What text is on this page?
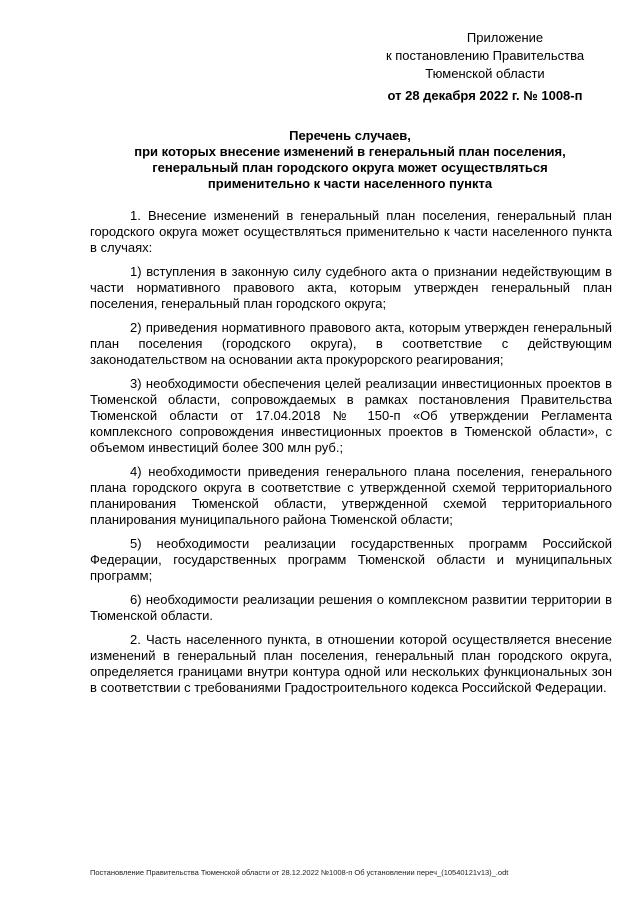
Приложение
к постановлению Правительства
Тюменской области
от 28 декабря 2022 г. № 1008-п
Перечень случаев,
при которых внесение изменений в генеральный план поселения,
генеральный план городского округа может осуществляться
применительно к части населенного пункта

1. Внесение изменений в генеральный план поселения, генеральный план городского округа может осуществляться применительно к части населенного пункта в случаях:

1) вступления в законную силу судебного акта о признании недействующим в части нормативного правового акта, которым утвержден генеральный план поселения, генеральный план городского округа;

2) приведения нормативного правового акта, которым утвержден генеральный план поселения (городского округа), в соответствие с действующим законодательством на основании акта прокурорского реагирования;

3) необходимости обеспечения целей реализации инвестиционных проектов в Тюменской области, сопровождаемых в рамках постановления Правительства Тюменской области от 17.04.2018 № 150-п «Об утверждении Регламента комплексного сопровождения инвестиционных проектов в Тюменской области», с объемом инвестиций более 300 млн руб.;

4) необходимости приведения генерального плана поселения, генерального плана городского округа в соответствие с утвержденной схемой территориального планирования Тюменской области, утвержденной схемой территориального планирования муниципального района Тюменской области;

5) необходимости реализации государственных программ Российской Федерации, государственных программ Тюменской области и муниципальных программ;

6) необходимости реализации решения о комплексном развитии территории в Тюменской области.

2. Часть населенного пункта, в отношении которой осуществляется внесение изменений в генеральный план поселения, генеральный план городского округа, определяется границами внутри контура одной или нескольких функциональных зон в соответствии с требованиями Градостроительного кодекса Российской Федерации.

Постановление Правительства Тюменской области от 28.12.2022 №1008-п Об установлении переч_(10540121v13)_.odt
